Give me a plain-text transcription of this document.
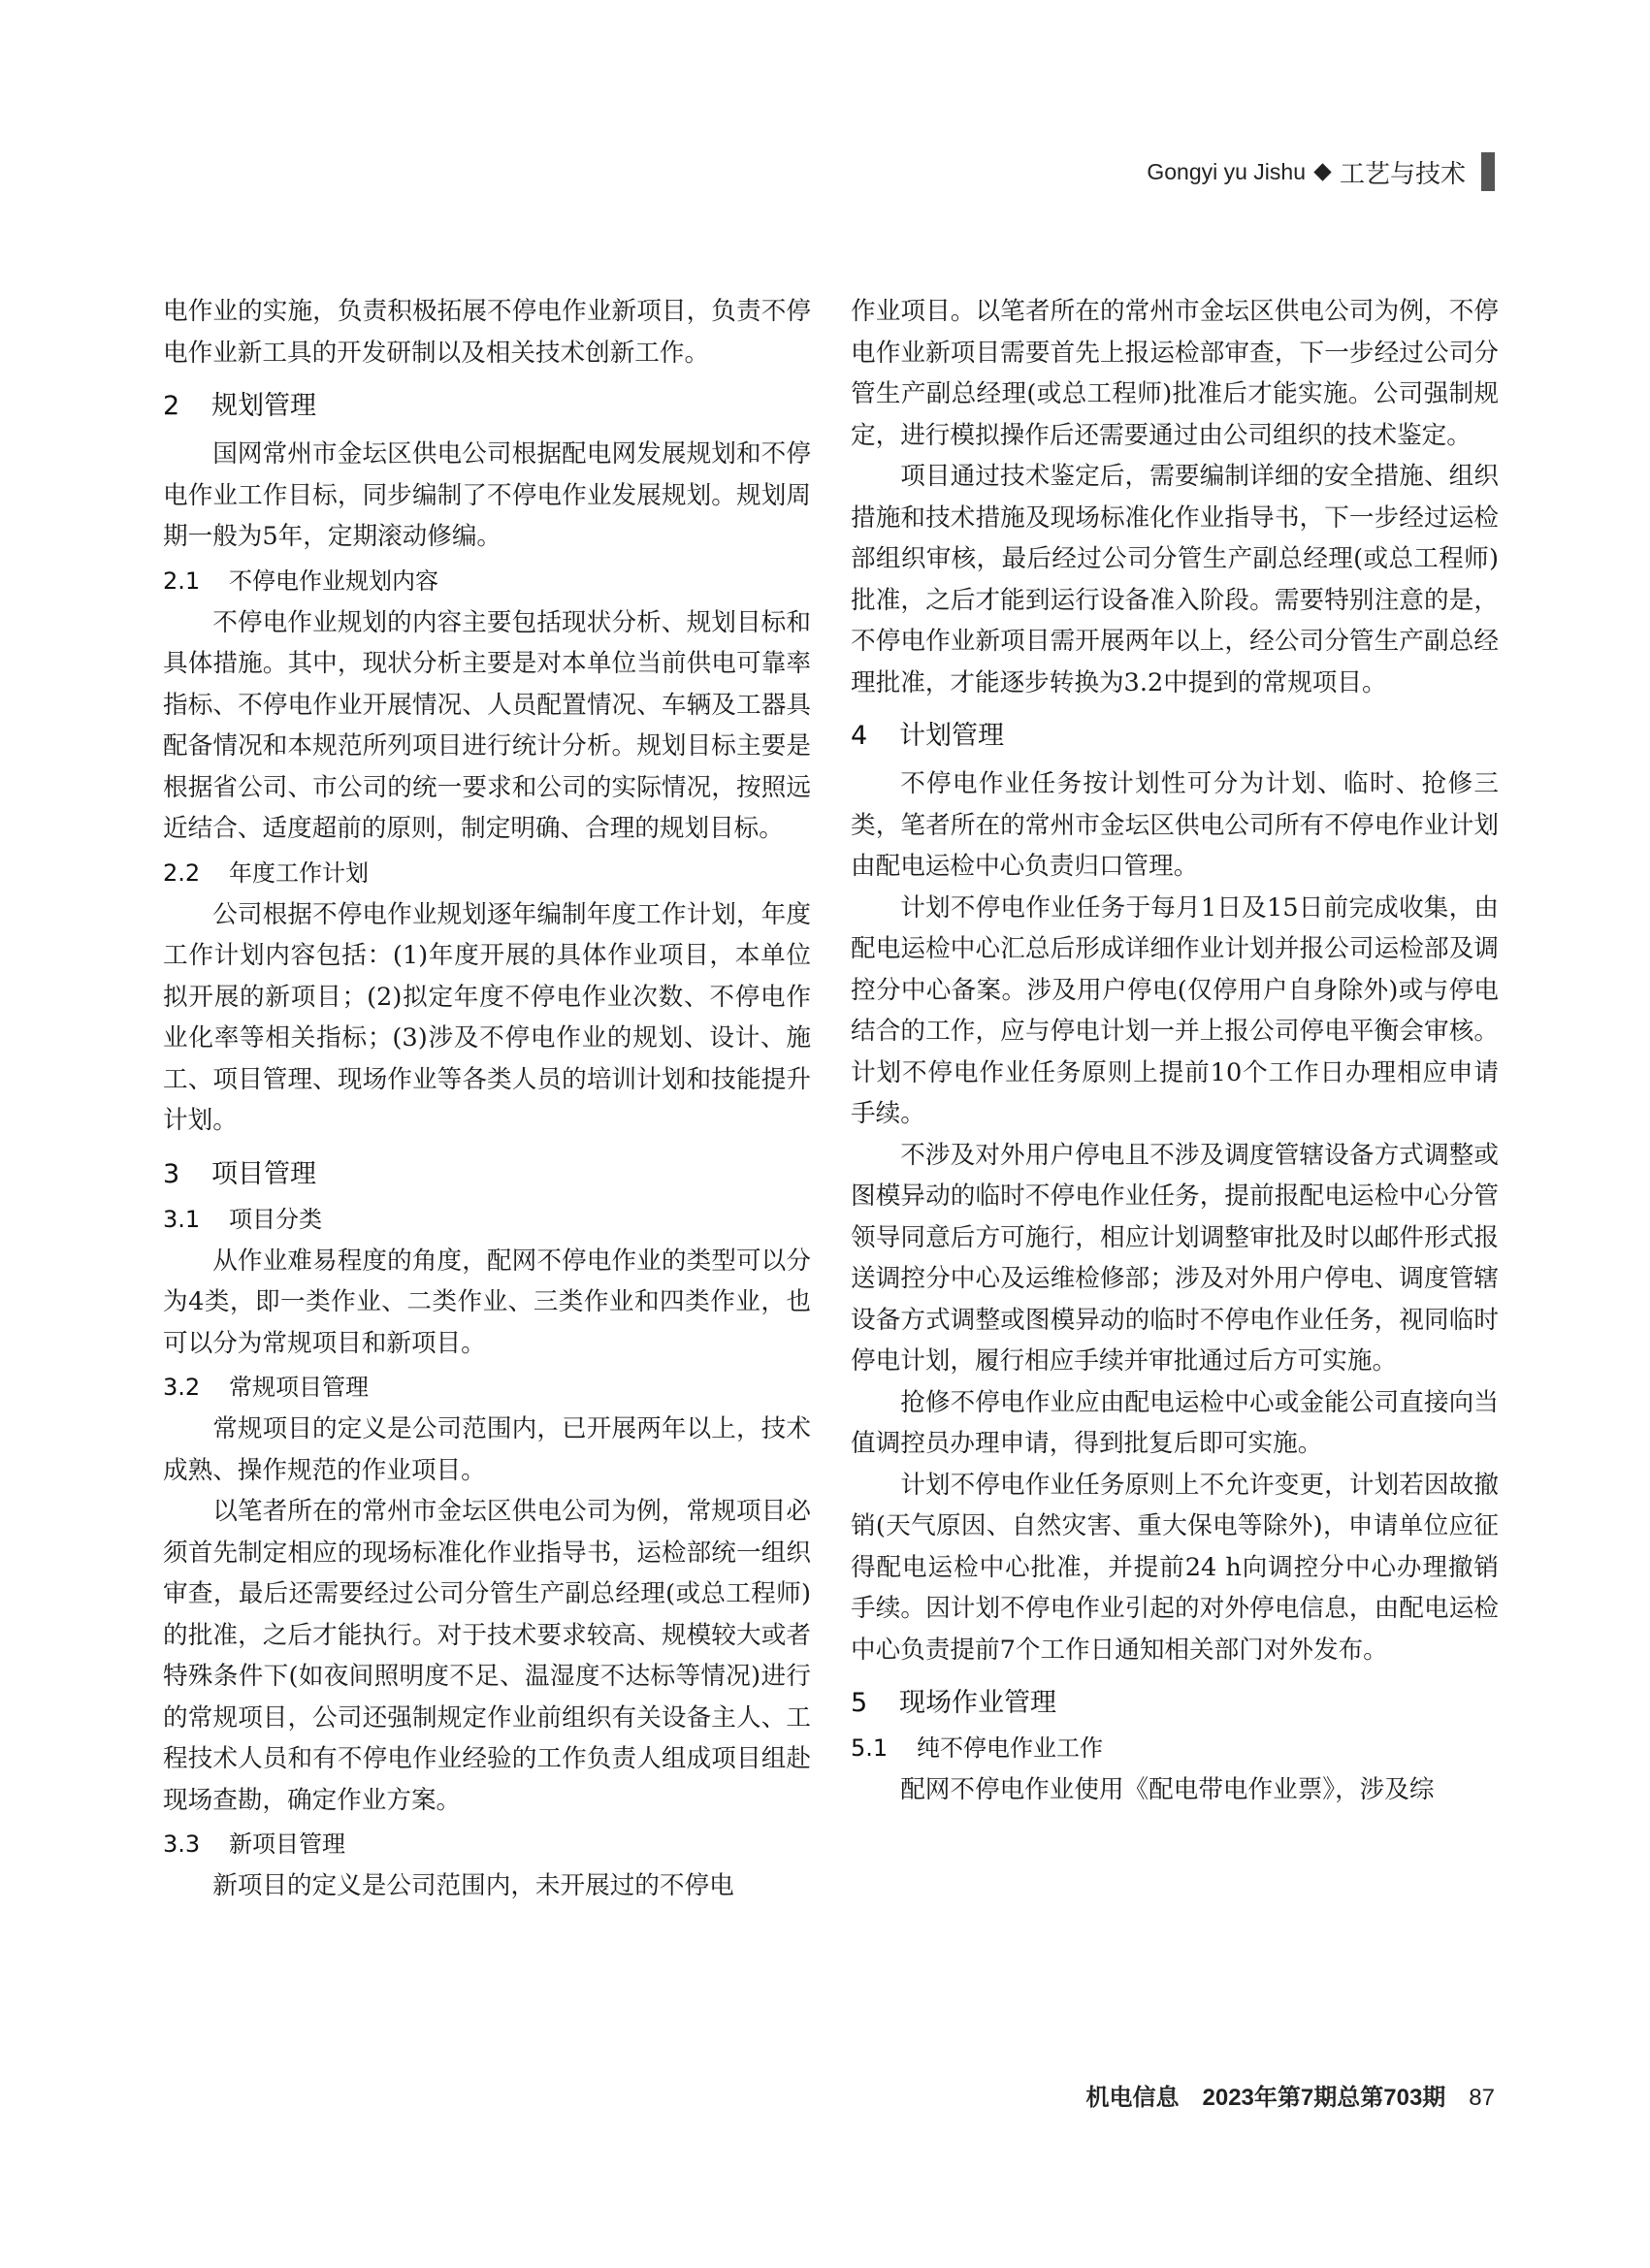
Gongyi yu Jishu 工艺与技术

电作业的实施，负责积极拓展不停电作业新项目，负责不停电作业新工具的开发研制以及相关技术创新工作。

2 规划管理

国网常州市金坛区供电公司根据配电网发展规划和不停电作业工作目标，同步编制了不停电作业发展规划。规划周期一般为5年，定期滚动修编。

2.1 不停电作业规划内容

不停电作业规划的内容主要包括现状分析、规划目标和具体措施。其中，现状分析主要是对本单位当前供电可靠率指标、不停电作业开展情况、人员配置情况、车辆及工器具配备情况和本规范所列项目进行统计分析。规划目标主要是根据省公司、市公司的统一要求和公司的实际情况，按照远近结合、适度超前的原则，制定明确、合理的规划目标。

2.2 年度工作计划

公司根据不停电作业规划逐年编制年度工作计划，年度工作计划内容包括：(1)年度开展的具体作业项目，本单位拟开展的新项目；(2)拟定年度不停电作业次数、不停电作业化率等相关指标；(3)涉及不停电作业的规划、设计、施工、项目管理、现场作业等各类人员的培训计划和技能提升计划。

3 项目管理
3.1 项目分类

从作业难易程度的角度，配网不停电作业的类型可以分为4类，即一类作业、二类作业、三类作业和四类作业，也可以分为常规项目和新项目。

3.2 常规项目管理

常规项目的定义是公司范围内，已开展两年以上，技术成熟、操作规范的作业项目。

以笔者所在的常州市金坛区供电公司为例，常规项目必须首先制定相应的现场标准化作业指导书，运检部统一组织审查，最后还需要经过公司分管生产副总经理(或总工程师)的批准，之后才能执行。对于技术要求较高、规模较大或者特殊条件下(如夜间照明度不足、温湿度不达标等情况)进行的常规项目，公司还强制规定作业前组织有关设备主人、工程技术人员和有不停电作业经验的工作负责人组成项目组赴现场查勘，确定作业方案。

3.3 新项目管理

新项目的定义是公司范围内，未开展过的不停电

作业项目。以笔者所在的常州市金坛区供电公司为例，不停电作业新项目需要首先上报运检部审查，下一步经过公司分管生产副总经理(或总工程师)批准后才能实施。公司强制规定，进行模拟操作后还需要通过由公司组织的技术鉴定。

项目通过技术鉴定后，需要编制详细的安全措施、组织措施和技术措施及现场标准化作业指导书，下一步经过运检部组织审核，最后经过公司分管生产副总经理(或总工程师)批准，之后才能到运行设备准入阶段。需要特别注意的是，不停电作业新项目需开展两年以上，经公司分管生产副总经理批准，才能逐步转换为3.2中提到的常规项目。

4 计划管理

不停电作业任务按计划性可分为计划、临时、抢修三类，笔者所在的常州市金坛区供电公司所有不停电作业计划由配电运检中心负责归口管理。

计划不停电作业任务于每月1日及15日前完成收集，由配电运检中心汇总后形成详细作业计划并报公司运检部及调控分中心备案。涉及用户停电(仅停用户自身除外)或与停电结合的工作，应与停电计划一并上报公司停电平衡会审核。计划不停电作业任务原则上提前10个工作日办理相应申请手续。

不涉及对外用户停电且不涉及调度管辖设备方式调整或图模异动的临时不停电作业任务，提前报配电运检中心分管领导同意后方可施行，相应计划调整审批及时以邮件形式报送调控分中心及运维检修部；涉及对外用户停电、调度管辖设备方式调整或图模异动的临时不停电作业任务，视同临时停电计划，履行相应手续并审批通过后方可实施。

抢修不停电作业应由配电运检中心或金能公司直接向当值调控员办理申请，得到批复后即可实施。

计划不停电作业任务原则上不允许变更，计划若因故撤销(天气原因、自然灾害、重大保电等除外)，申请单位应征得配电运检中心批准，并提前24 h向调控分中心办理撤销手续。因计划不停电作业引起的对外停电信息，由配电运检中心负责提前7个工作日通知相关部门对外发布。

5 现场作业管理
5.1 纯不停电作业工作

配网不停电作业使用《配电带电作业票》，涉及综

机电信息 2023年第7期总第703期 87
